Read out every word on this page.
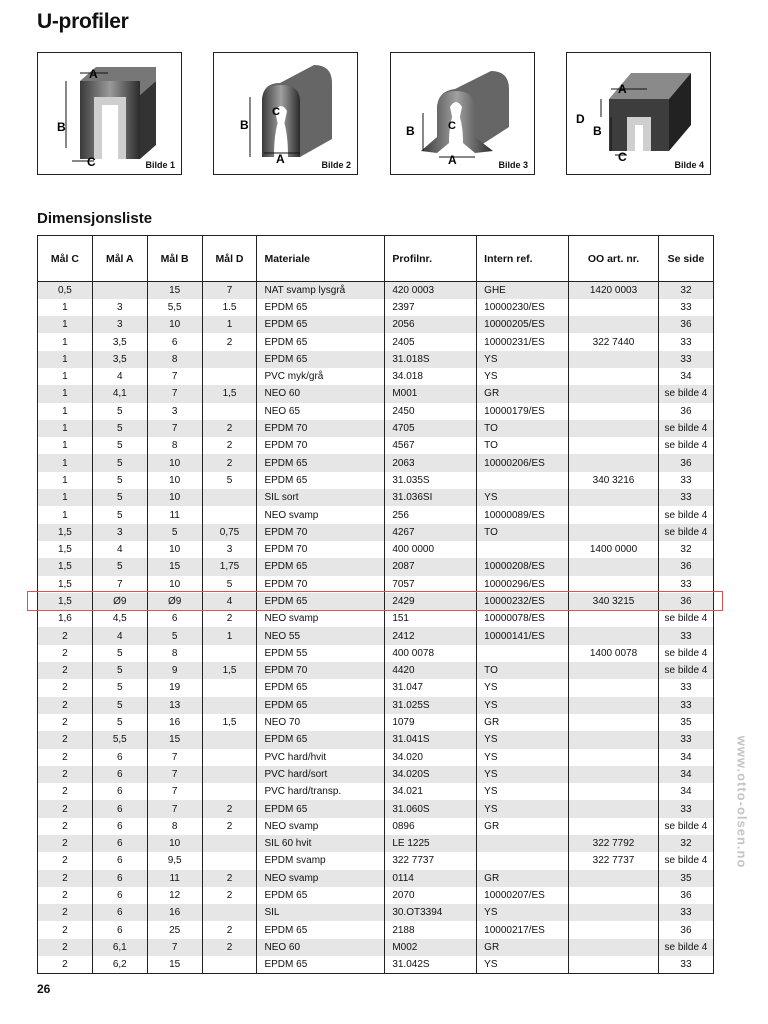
U-profiler
A
B
C	Bilde 1
B
C
A	Bilde 2
B	C
A	Bilde 3
A
D
B
C
Bilde 4
Dimensjonsliste
Mål C	Mål A	Mål B	Mål D	Materiale	Profilnr.	Intern ref.	OO art. nr.	Se side
0,5		15	7	NAT svamp lysgrå	420 0003	GHE	1420 0003	32
1	3	5,5	1.5	EPDM 65	2397	10000230/ES		33
1	3	10	1	EPDM 65	2056	10000205/ES		36
1	3,5	6	2	EPDM 65	2405	10000231/ES	322 7440	33
1	3,5	8		EPDM 65	31.018S	YS		33
1	4	7		PVC myk/grå	34.018	YS		34
1	4,1	7	1,5	NEO 60	M001	GR		se bilde 4
1	5	3		NEO 65	2450	10000179/ES		36
1	5	7	2	EPDM 70	4705	TO		se bilde 4
1	5	8	2	EPDM 70	4567	TO		se bilde 4
1	5	10	2	EPDM 65	2063	10000206/ES		36
1	5	10	5	EPDM 65	31.035S		340 3216	33
1	5	10		SIL sort	31.036SI	YS		33
1	5	11		NEO svamp	256	10000089/ES		se bilde 4
1,5	3	5	0,75	EPDM 70	4267	TO		se bilde 4
1,5	4	10	3	EPDM 70	400 0000		1400 0000	32
1,5	5	15	1,75	EPDM 65	2087	10000208/ES		36
1,5	7	10	5	EPDM 70	7057	10000296/ES		33
1,5	Ø9	Ø9	4	EPDM 65	2429	10000232/ES	340 3215	36
1,6	4,5	6	2	NEO svamp	151	10000078/ES		se bilde 4
2	4	5	1	NEO 55	2412	10000141/ES		33
2	5	8		EPDM 55	400 0078		1400 0078	se bilde 4
2	5	9	1,5	EPDM 70	4420	TO		se bilde 4
2	5	19		EPDM 65	31.047	YS		33
2	5	13		EPDM 65	31.025S	YS		33
2	5	16	1,5	NEO 70	1079	GR		35
2	5,5	15		EPDM 65	31.041S	YS		33
2	6	7		PVC hard/hvit	34.020	YS		34
2	6	7		PVC hard/sort	34.020S	YS		34
2	6	7		PVC hard/transp.	34.021	YS		34
2	6	7	2	EPDM 65	31.060S	YS		33
2	6	8	2	NEO svamp	0896	GR		se bilde 4
2	6	10		SIL 60 hvit	LE 1225		322 7792	32
2	6	9,5		EPDM svamp	322 7737		322 7737	se bilde 4
2	6	11	2	NEO svamp	0114	GR		35
2	6	12	2	EPDM 65	2070	10000207/ES		36
2	6	16		SIL	30.OT3394	YS		33
2	6	25	2	EPDM 65	2188	10000217/ES		36
2	6,1	7	2	NEO 60	M002	GR		se bilde 4
2	6,2	15		EPDM 65	31.042S	YS		33
www.otto-olsen.no
26
